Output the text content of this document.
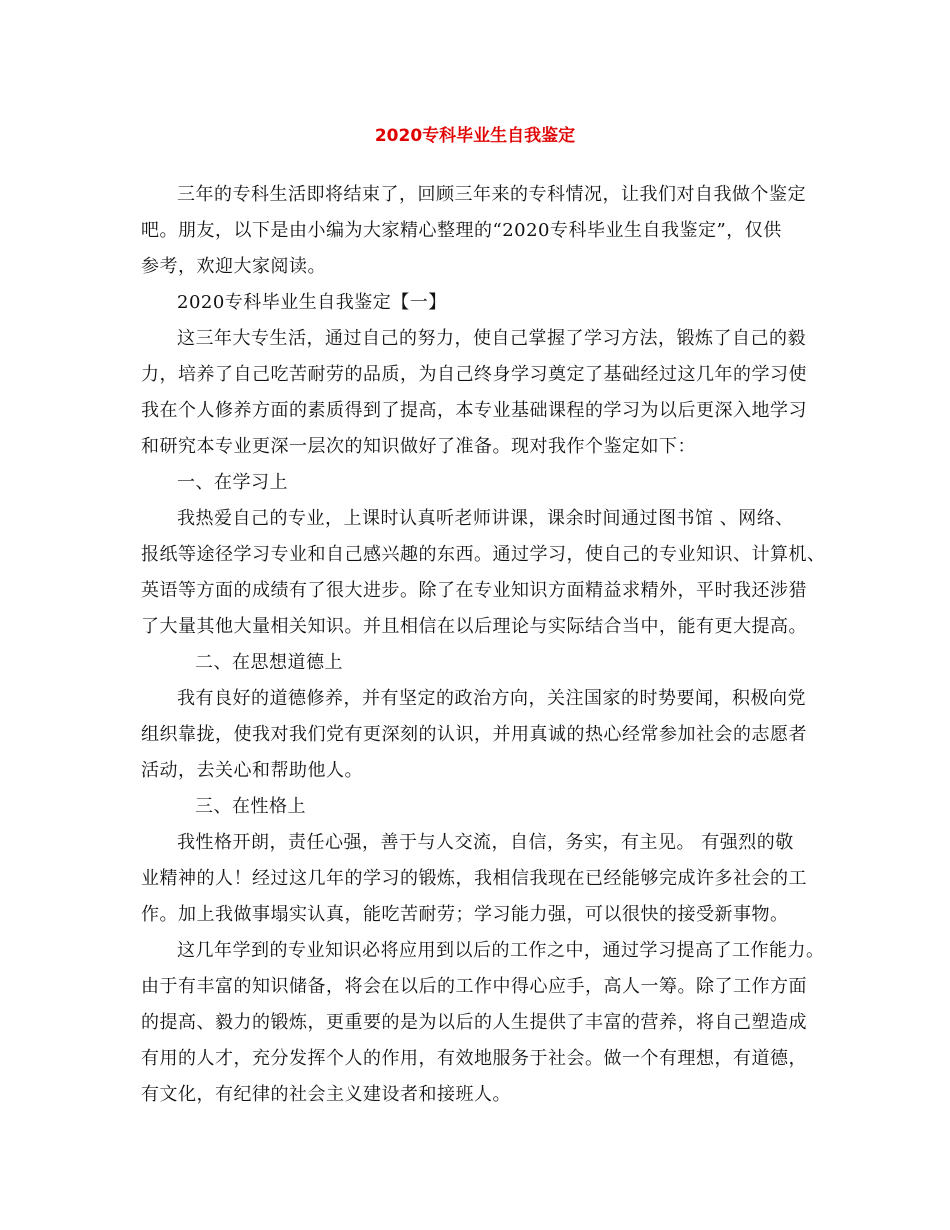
2020专科毕业生自我鉴定
三年的专科生活即将结束了，回顾三年来的专科情况，让我们对自我做个鉴定
吧。朋友，以下是由小编为大家精心整理的“2020专科毕业生自我鉴定”，仅供
参考，欢迎大家阅读。
2020专科毕业生自我鉴定【一】
这三年大专生活，通过自己的努力，使自己掌握了学习方法，锻炼了自己的毅
力，培养了自己吃苦耐劳的品质，为自己终身学习奠定了基础经过这几年的学习使
我在个人修养方面的素质得到了提高，本专业基础课程的学习为以后更深入地学习
和研究本专业更深一层次的知识做好了准备。现对我作个鉴定如下：
一、在学习上
我热爱自己的专业，上课时认真听老师讲课，课余时间通过图书馆 、网络、
报纸等途径学习专业和自己感兴趣的东西。通过学习，使自己的专业知识、计算机、
英语等方面的成绩有了很大进步。除了在专业知识方面精益求精外，平时我还涉猎
了大量其他大量相关知识。并且相信在以后理论与实际结合当中，能有更大提高。
二、在思想道德上
我有良好的道德修养，并有坚定的政治方向，关注国家的时势要闻，积极向党
组织靠拢，使我对我们党有更深刻的认识，并用真诚的热心经常参加社会的志愿者
活动，去关心和帮助他人。
三、在性格上
我性格开朗，责任心强，善于与人交流，自信，务实，有主见。 有强烈的敬
业精神的人！经过这几年的学习的锻炼，我相信我现在已经能够完成许多社会的工
作。加上我做事塌实认真，能吃苦耐劳；学习能力强，可以很快的接受新事物。
这几年学到的专业知识必将应用到以后的工作之中，通过学习提高了工作能力。
由于有丰富的知识储备，将会在以后的工作中得心应手，高人一筹。除了工作方面
的提高、毅力的锻炼，更重要的是为以后的人生提供了丰富的营养，将自己塑造成
有用的人才，充分发挥个人的作用，有效地服务于社会。做一个有理想，有道德，
有文化，有纪律的社会主义建设者和接班人。
